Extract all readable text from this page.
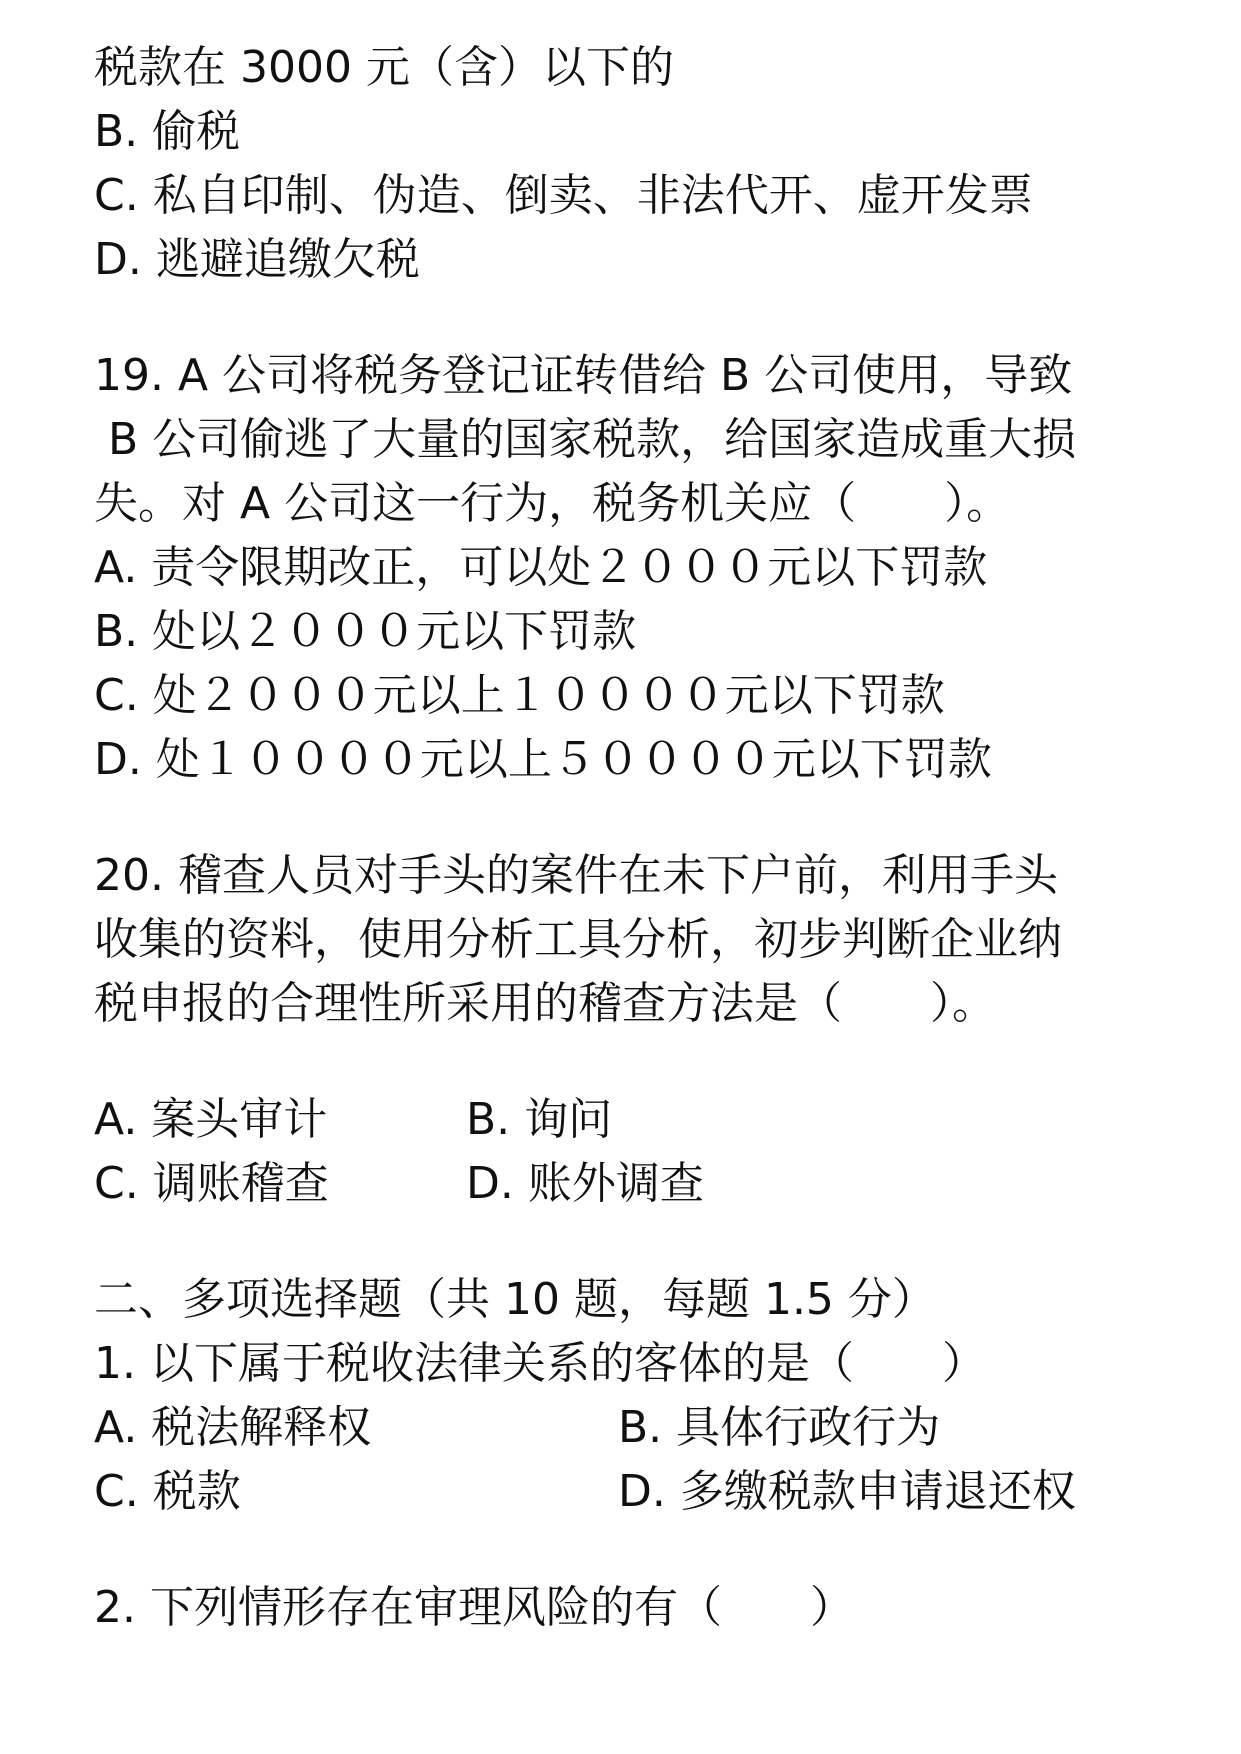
税款在 3000 元（含）以下的
B. 偷税
C. 私自印制、伪造、倒卖、非法代开、虚开发票
D. 逃避追缴欠税
19. A 公司将税务登记证转借给 B 公司使用，导致
B 公司偷逃了大量的国家税款，给国家造成重大损
失。对 A 公司这一行为，税务机关应（　　）。
A. 责令限期改正，可以处２０００元以下罚款
B. 处以２０００元以下罚款
C. 处２０００元以上１００００元以下罚款
D. 处１００００元以上５００００元以下罚款
20. 稽查人员对手头的案件在未下户前，利用手头
收集的资料，使用分析工具分析，初步判断企业纳
税申报的合理性所采用的稽查方法是（　　）。
A. 案头审计	B. 询问
C. 调账稽查	D. 账外调查
二、多项选择题（共 10 题，每题 1.5 分）
1. 以下属于税收法律关系的客体的是（　　）
A. 税法解释权	B. 具体行政行为
C. 税款	D. 多缴税款申请退还权
2. 下列情形存在审理风险的有（　　）
